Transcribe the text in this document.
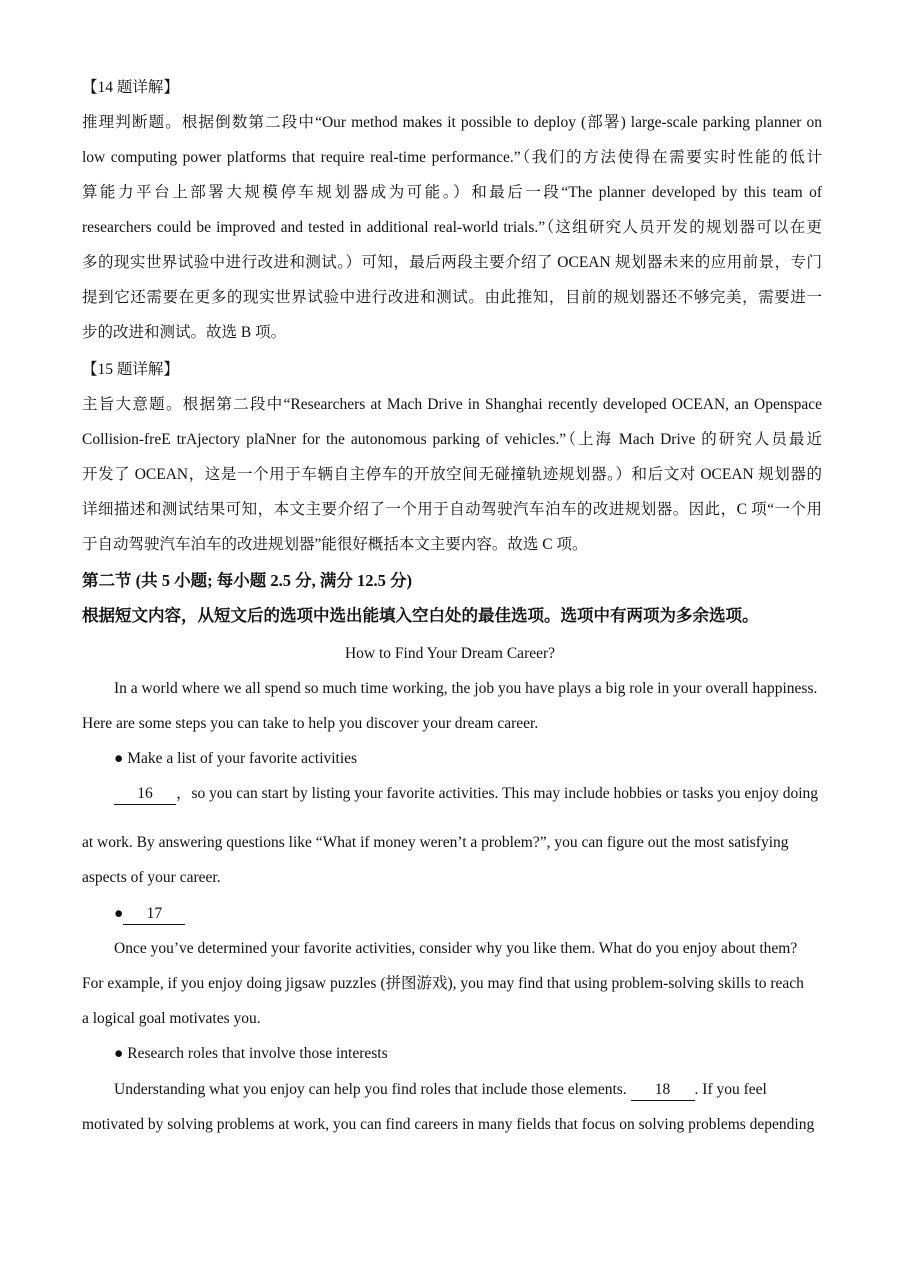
【14 题详解】
推理判断题。根据倒数第二段中“Our method makes it possible to deploy (部署) large-scale parking planner on
low computing power platforms that require real-time performance.”（我们的方法使得在需要实时性能的低计
算能力平台上部署大规模停车规划器成为可能。）和最后一段“The planner developed by this team of
researchers could be improved and tested in additional real-world trials.”（这组研究人员开发的规划器可以在更
多的现实世界试验中进行改进和测试。）可知，最后两段主要介绍了 OCEAN 规划器未来的应用前景，专门
提到它还需要在更多的现实世界试验中进行改进和测试。由此推知，目前的规划器还不够完美，需要进一
步的改进和测试。故选 B 项。
【15 题详解】
主旨大意题。根据第二段中“Researchers at Mach Drive in Shanghai recently developed OCEAN, an Openspace
Collision-freE trAjectory plaNner for the autonomous parking of vehicles.”（上海 Mach Drive 的研究人员最近
开发了 OCEAN，这是一个用于车辆自主停车的开放空间无碰撞轨迹规划器。）和后文对 OCEAN 规划器的
详细描述和测试结果可知，本文主要介绍了一个用于自动驾驶汽车泊车的改进规划器。因此，C 项“一个用
于自动驾驶汽车泊车的改进规划器”能很好概括本文主要内容。故选 C 项。
第二节 (共 5 小题; 每小题 2.5 分, 满分 12.5 分)
根据短文内容，从短文后的选项中选出能填入空白处的最佳选项。选项中有两项为多余选项。
How to Find Your Dream Career?
In a world where we all spend so much time working, the job you have plays a big role in your overall happiness.
Here are some steps you can take to help you discover your dream career.
● Make a list of your favorite activities
16 ，so you can start by listing your favorite activities. This may include hobbies or tasks you enjoy doing
at work. By answering questions like “What if money weren’t a problem?”, you can figure out the most satisfying
aspects of your career.
● 17
Once you’ve determined your favorite activities, consider why you like them. What do you enjoy about them?
For example, if you enjoy doing jigsaw puzzles (拼图游戏), you may find that using problem-solving skills to reach
a logical goal motivates you.
● Research roles that involve those interests
Understanding what you enjoy can help you find roles that include those elements. 18 . If you feel
motivated by solving problems at work, you can find careers in many fields that focus on solving problems depending
